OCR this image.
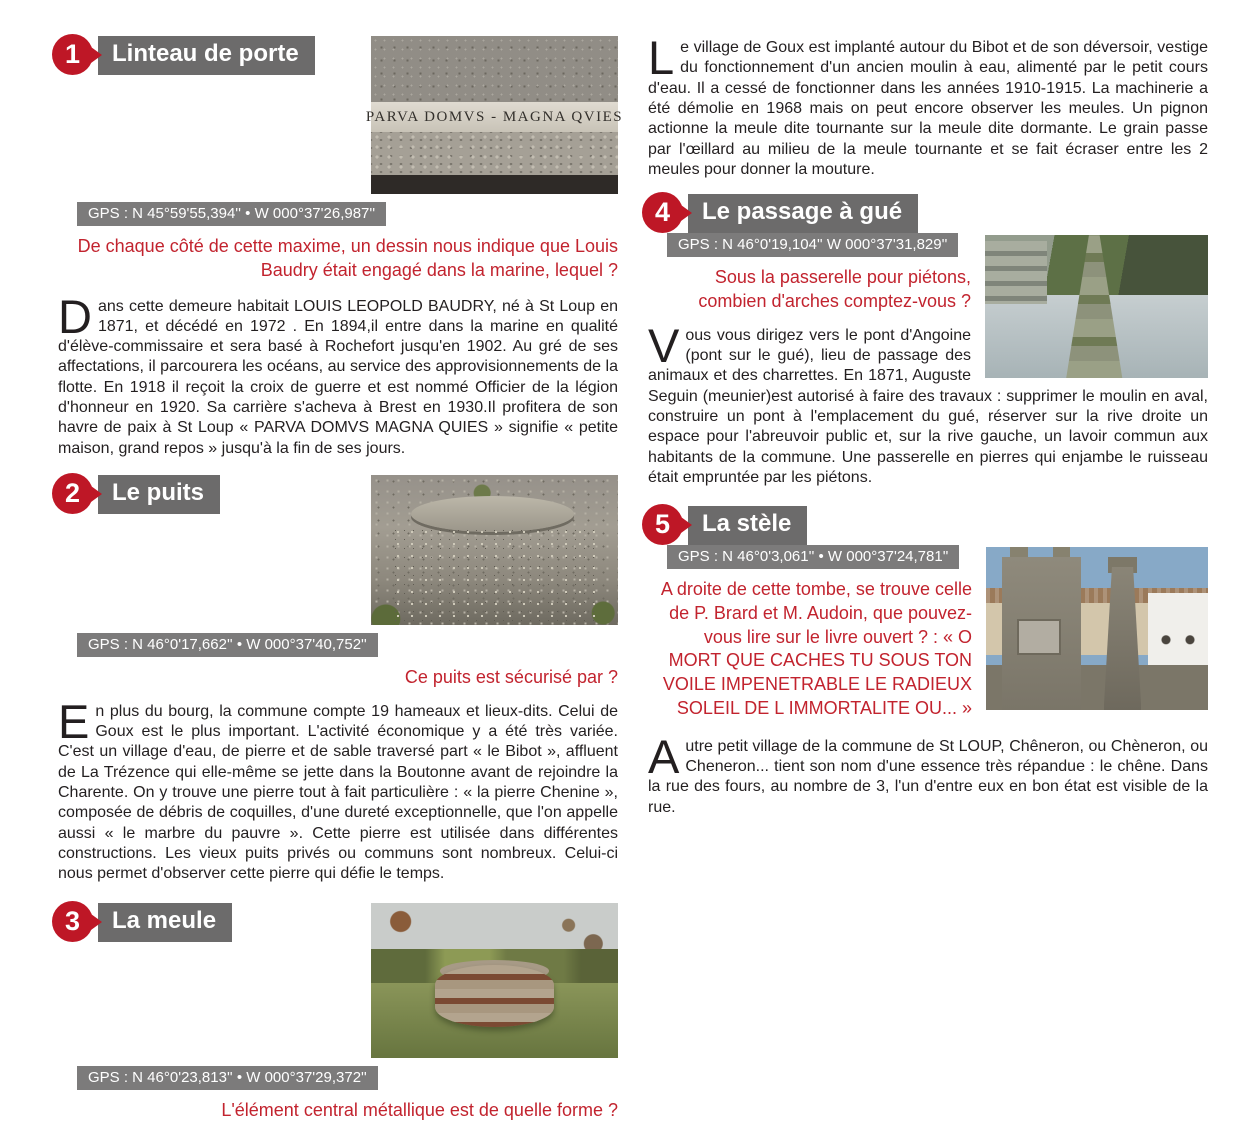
PARVA DOMVS - MAGNA QVIES
1 Linteau de porte
GPS : N 45°59'55,394'' • W 000°37'26,987''

De chaque côté de cette maxime, un dessin nous indique que Louis Baudry était engagé dans la marine, lequel ?

Dans cette demeure habitait LOUIS LEOPOLD BAUDRY, né à St Loup en 1871, et décédé en 1972 . En 1894,il entre dans la marine en qualité d'élève-commissaire et sera basé à Rochefort jusqu'en 1902. Au gré de ses affectations, il parcourera les océans, au service des approvisionnements de la flotte. En 1918 il reçoit la croix de guerre et est nommé Officier de la légion d'honneur en 1920. Sa carrière s'acheva à Brest en 1930.Il profitera de son havre de paix à St Loup « PARVA DOMVS MAGNA QUIES » signifie « petite maison, grand repos » jusqu'à la fin de ses jours.

2 Le puits
GPS : N 46°0'17,662'' • W 000°37'40,752''

Ce puits est sécurisé par ?

En plus du bourg, la commune compte 19 hameaux et lieux-dits. Celui de Goux est le plus important. L'activité économique y a été très variée. C'est un village d'eau, de pierre et de sable traversé part « le Bibot », affluent de La Trézence qui elle-même se jette dans la Boutonne avant de rejoindre la Charente. On y trouve une pierre tout à fait particulière : « la pierre Chenine », composée de débris de coquilles, d'une dureté exceptionnelle, que l'on appelle aussi « le marbre du pauvre ». Cette pierre est utilisée dans différentes constructions. Les vieux puits privés ou communs sont nombreux. Celui-ci nous permet d'observer cette pierre qui défie le temps.

3 La meule
GPS : N 46°0'23,813'' • W 000°37'29,372''

L'élément central métallique est de quelle forme ?

Le village de Goux est implanté autour du Bibot et de son déversoir, vestige du fonctionnement d'un ancien moulin à eau, alimenté par le petit cours d'eau. Il a cessé de fonctionner dans les années 1910-1915. La machinerie a été démolie en 1968 mais on peut encore observer les meules. Un pignon actionne la meule dite tournante sur la meule dite dormante. Le grain passe par l'œillard au milieu de la meule tournante et se fait écraser entre les 2 meules pour donner la mouture.

4 Le passage à gué
GPS : N 46°0'19,104'' W 000°37'31,829''

Sous la passerelle pour piétons, combien d'arches comptez-vous ?

Vous vous dirigez vers le pont d'Angoine (pont sur le gué), lieu de passage des animaux et des charrettes. En 1871, Auguste Seguin (meunier)est autorisé à faire des travaux : supprimer le moulin en aval, construire un pont à l'emplacement du gué, réserver sur la rive droite un espace pour l'abreuvoir public et, sur la rive gauche, un lavoir commun aux habitants de la commune. Une passerelle en pierres qui enjambe le ruisseau était empruntée par les piétons.

5 La stèle
GPS : N 46°0'3,061'' • W 000°37'24,781''

A droite de cette tombe, se trouve celle de P. Brard et M. Audoin, que pouvez-vous lire sur le livre ouvert ? : « O MORT QUE CACHES TU SOUS TON VOILE IMPENETRABLE LE RADIEUX SOLEIL DE L IMMORTALITE OU... »

Autre petit village de la commune de St LOUP, Chêneron, ou Chèneron, ou Cheneron... tient son nom d'une essence très répandue : le chêne. Dans la rue des fours, au nombre de 3, l'un d'entre eux en bon état est visible de la rue.
